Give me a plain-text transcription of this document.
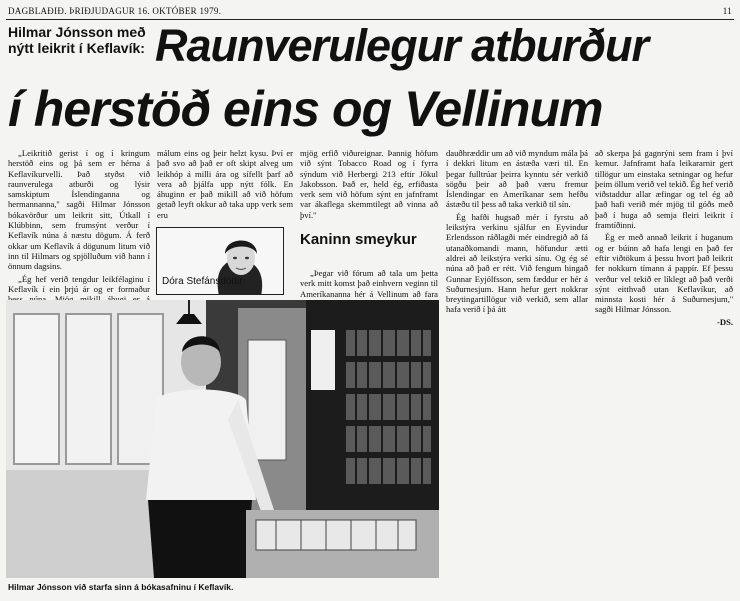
DAGBLAÐIÐ. ÞRIÐJUDAGUR 16. OKTÓBER 1979.	11
Hilmar Jónsson með nýtt leikrit í Keflavík: Raunverulegur atburður
í herstöð eins og Vellinum

„Leikritið gerist í og í kringum herstöð eins og þá sem er hérna á Keflavíkurvelli. Það styðst við raunverulega atburði og lýsir samskiptum Íslendinganna og hermannanna,'' sagði Hilmar Jónsson bókavörður um leikrit sitt, Útkall í Klúbbinn, sem frumsýnt verður í Keflavík núna á næstu dögum. Á ferð okkar um Keflavík á dögunum litum við inn til Hilmars og spjölluðum við hann í önnum dagsins.

„Ég hef verið tengdur leikfélaginu í Keflavík í ein þrjú ár og er formaður

málum eins og þeir helzt kysu. Því er það svo að það er oft skipt alveg um leikhóp á milli ára og sífellt þarf að vera að þjálfa upp nýtt fólk. En áhuginn er það mikill að við höfum getað leyft okkur að taka upp verk sem eru

Dóra Stefánsdóttir

mjög erfið viðureignar. Þannig höfum við sýnt Tobacco Road og í fyrra sýndum við Herbergi 213 eftir Jökul Jakobsson. Það er, held ég, erfiðasta verk sem við höfum sýnt en jafnframt var ákaflega skemmtilegt að vinna að því.''

Kaninn smeykur

„Þegar við fórum að tala um þetta verk mitt komst það einhvern veginn til Ameríkananna hér á Vellinum að fara

dauðhræddir um að við myndum mála þá í dekkri litum en ástæða væri til. En þegar fulltrúar þeirra kynntu sér verkið sögðu þeir að það væru fremur Íslendingar en Ameríkanar sem hefðu ástæðu til þess að taka verkið til sín.

Ég hafði hugsað mér í fyrstu að leikstýra verkinu sjálfur en Eyvindur Erlendsson ráðlagði mér eindregið að fá utanaðkomandi mann, höfundur ætti aldrei að leikstýra verki sínu. Og ég sé núna að það er rétt. Við fengum hingað Gunnar Eyjólfsson, sem fæddur er hér á Suðurnesjum. Hann hefur gert nokkrar breytingartillögur við verkið, sem allar hafa verið í þá átt

að skerpa þá gagnrýni sem fram í því kemur. Jafnframt hafa leikararnir gert tillögur um einstaka setningar og hefur þeim öllum verið vel tekið. Ég hef verið viðstaddur allar æfingar og tel ég að það hafi verið mér mjög til góðs með það í huga að semja fleiri leikrit í framtíðinni.

Ég er með annað leikrit í huganum og er búinn að hafa lengi en það fer eftir viðtökum á þessu hvort það leikrit fer nokkurn tímann á pappír. Ef þessu verður vel tekið er líklegt að það verði sýnt eitthvað utan Keflavíkur, að minnsta kosti hér á Suðurnesjum,'' sagði Hilmar Jónsson.

-DS.
Hilmar Jónsson við starfa sinn á bókasafninu í Keflavík.
